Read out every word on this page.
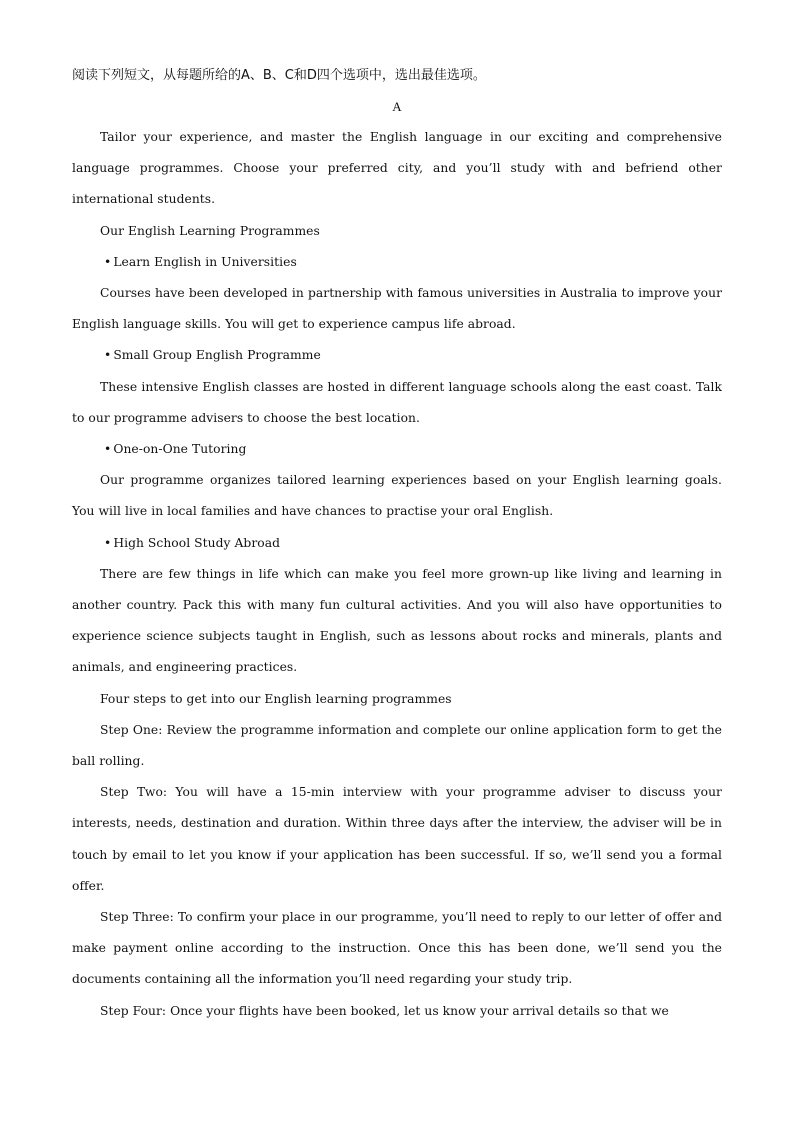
阅读下列短文，从每题所给的A、B、C和D四个选项中，选出最佳选项。
A

Tailor your experience, and master the English language in our exciting and comprehensive language programmes. Choose your preferred city, and you’ll study with and befriend other international students.

Our English Learning Programmes

• Learn English in Universities

Courses have been developed in partnership with famous universities in Australia to improve your English language skills. You will get to experience campus life abroad.

• Small Group English Programme

These intensive English classes are hosted in different language schools along the east coast. Talk to our programme advisers to choose the best location.

• One-on-One Tutoring

Our programme organizes tailored learning experiences based on your English learning goals. You will live in local families and have chances to practise your oral English.

• High School Study Abroad

There are few things in life which can make you feel more grown-up like living and learning in another country. Pack this with many fun cultural activities. And you will also have opportunities to experience science subjects taught in English, such as lessons about rocks and minerals, plants and animals, and engineering practices.

Four steps to get into our English learning programmes

Step One: Review the programme information and complete our online application form to get the ball rolling.

Step Two: You will have a 15-min interview with your programme adviser to discuss your interests, needs, destination and duration. Within three days after the interview, the adviser will be in touch by email to let you know if your application has been successful. If so, we’ll send you a formal offer.

Step Three: To confirm your place in our programme, you’ll need to reply to our letter of offer and make payment online according to the instruction. Once this has been done, we’ll send you the documents containing all the information you’ll need regarding your study trip.

Step Four: Once your flights have been booked, let us know your arrival details so that we
